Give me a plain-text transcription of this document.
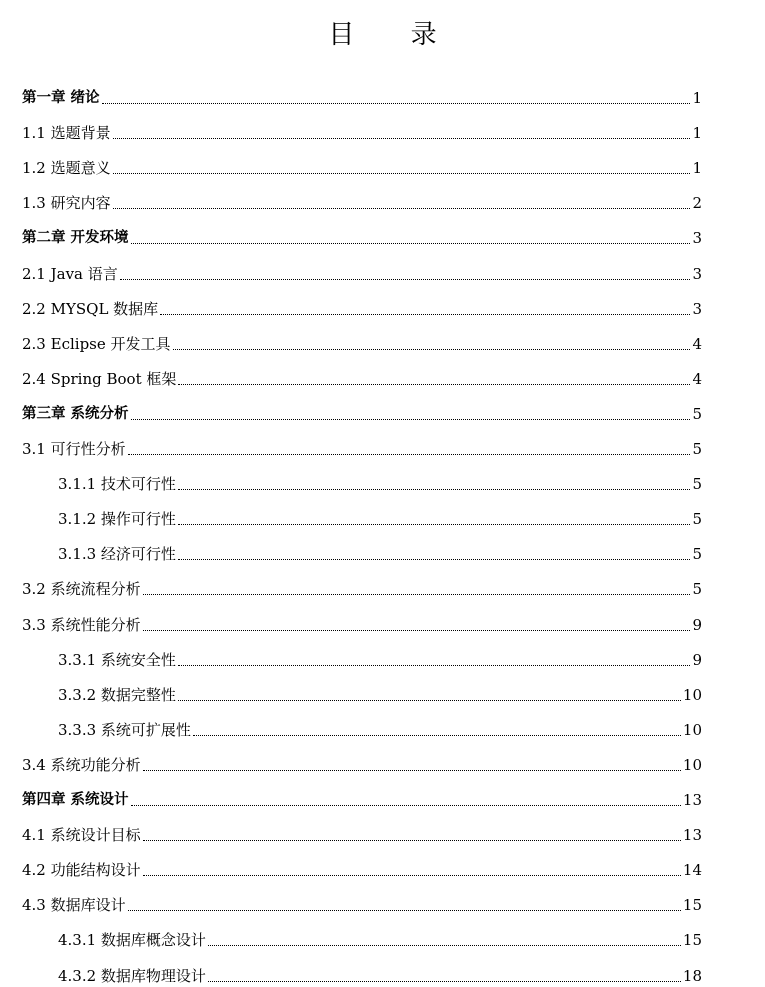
目 录
第一章 绪论	1
1.1 选题背景	1
1.2 选题意义	1
1.3 研究内容	2
第二章 开发环境	3
2.1 Java 语言	3
2.2 MYSQL 数据库	3
2.3 Eclipse 开发工具	4
2.4 Spring Boot 框架	4
第三章 系统分析	5
3.1 可行性分析	5
3.1.1 技术可行性	5
3.1.2 操作可行性	5
3.1.3 经济可行性	5
3.2 系统流程分析	5
3.3 系统性能分析	9
3.3.1 系统安全性	9
3.3.2 数据完整性	10
3.3.3 系统可扩展性	10
3.4 系统功能分析	10
第四章 系统设计	13
4.1 系统设计目标	13
4.2 功能结构设计	14
4.3 数据库设计	15
4.3.1 数据库概念设计	15
4.3.2 数据库物理设计	18
